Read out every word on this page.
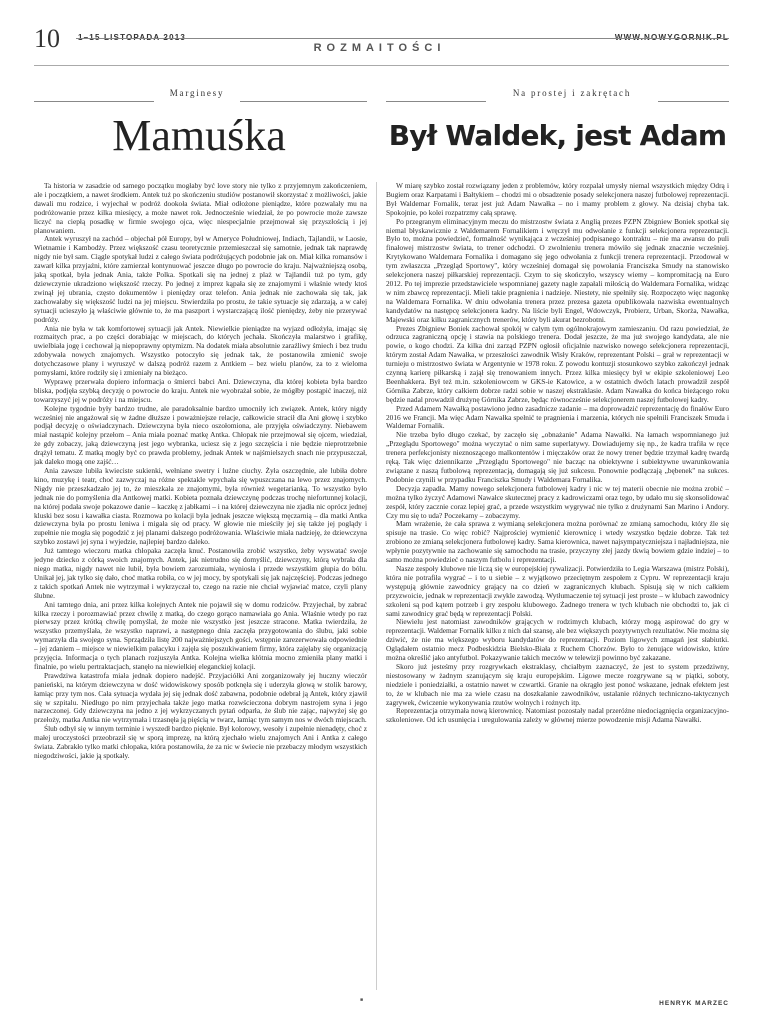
10 1–15 LISTOPADA 2013	WWW.NOWYGORNIK.PL
ROZMAITOŚCI
Marginesy	Na prostej i zakrętach
Mamuśka	Był Waldek, jest Adam

Ta historia w zasadzie od samego początku mogłaby być love story nie tylko z przyjemnym zakończeniem, ale i początkiem, a nawet środkiem. Antek tuż po skończeniu studiów postanowił skorzystać z możliwości, jakie dawali mu rodzice, i wyjechał w podróż dookoła świata. Miał odłożone pieniądze, które pozwalały mu na podróżowanie przez kilka miesięcy, a może nawet rok. Jednocześnie wiedział, że po powrocie może zawsze liczyć na ciepłą posadkę w firmie swojego ojca, więc niespecjalnie przejmował się przyszłością i jej planowaniem.

Antek wyruszył na zachód – objechał pół Europy, był w Ameryce Południowej, Indiach, Tajlandii, w Laosie, Wietnamie i Kambodży. Przez większość czasu teoretycznie przemieszczał się samotnie, jednak tak naprawdę nigdy nie był sam. Ciągle spotykał ludzi z całego świata podróżujących podobnie jak on. Miał kilka romansów i zawarł kilka przyjaźni, które zamierzał kontynuować jeszcze długo po powrocie do kraju. Najważniejszą osobą, jaką spotkał, była jednak Ania, także Polka. Spotkali się na jednej z plaż w Tajlandii tuż po tym, gdy dziewczynie ukradziono większość rzeczy. Po jednej z imprez kąpała się ze znajomymi i właśnie wtedy ktoś zwinął jej ubrania, często dokumentów i pieniędzy oraz telefon. Ania jednak nie zachowała się tak, jak zachowałaby się większość ludzi na jej miejscu. Stwierdziła po prostu, że takie sytuacje się zdarzają, a w całej sytuacji ucieszyło ją właściwie głównie to, że ma paszport i wystarczającą ilość pieniędzy, żeby nie przerywać podróży.

Ania nie była w tak komfortowej sytuacji jak Antek. Niewielkie pieniądze na wyjazd odłożyła, imając się rozmaitych prac, a po części dorabiając w miejscach, do których jechała. Skończyła malarstwo i grafikę, uwielbiała jogę i cechował ją niepoprawny optymizm. Na dodatek miała absolutnie zaraźliwy śmiech i bez trudu zdobywała nowych znajomych. Wszystko potoczyło się jednak tak, że postanowiła zmienić swoje dotychczasowe plany i wyruszyć w dalszą podróż razem z Antkiem – bez wielu planów, za to z wieloma pomysłami, które rodziły się i zmieniały na bieżąco.

Wyprawę przerwała dopiero informacja o śmierci babci Ani. Dziewczyna, dla której kobieta była bardzo bliska, podjęła szybką decyzję o powrocie do kraju. Antek nie wyobrażał sobie, że mógłby postąpić inaczej, niż towarzyszyć jej w podróży i na miejscu.

Kolejne tygodnie były bardzo trudne, ale paradoksalnie bardzo umocniły ich związek. Antek, który nigdy wcześniej nie angażował się w żadne dłuższe i poważniejsze relacje, całkowicie stracił dla Ani głowę i szybko podjął decyzję o oświadczynach. Dziewczyna była nieco oszołomiona, ale przyjęła oświadczyny. Niebawem miał nastąpić kolejny przełom – Ania miała poznać matkę Antka. Chłopak nie przejmował się ojcem, wiedział, że gdy zobaczy, jaką dziewczyną jest jego wybranka, uciesz się z jego szczęścia i nie będzie nieprotrzebnie drążył tematu. Z matką mogły być co prawda problemy, jednak Antek w najśmielszych snach nie przypuszczał, jak daleko mogą one zajść…

Ania zawsze lubiła kwieciste sukienki, wełniane swetry i luźne ciuchy. Żyła oszczędnie, ale lubiła dobre kino, muzykę i teatr, choć zazwyczaj na różne spektakle wpychała się wpuszczana na lewo przez znajomych. Nigdy nie przeszkadzało jej to, że mieszkała ze znajomymi, była również wegetarianką. To wszystko było jednak nie do pomyślenia dla Antkowej matki. Kobieta poznała dziewczynę podczas trochę niefortunnej kolacji, na której podała swoje pokazowe danie – kaczkę z jabłkami – i na której dziewczyna nie zjadła nic oprócz jednej kluski bez sosu i kawałka ciasta. Rozmowa po kolacji była jednak jeszcze większą męczarnią – dla matki Antka dziewczyna była po prostu leniwa i migała się od pracy. W głowie nie mieściły jej się także jej poglądy i zupełnie nie mogła się pogodzić z jej planami dalszego podróżowania. Właściwie miała nadzieję, że dziewczyna szybko zostawi jej syna i wyjedzie, najlepiej bardzo daleko.

Już tamtego wieczoru matka chłopaka zaczęła knuć. Postanowiła zrobić wszystko, żeby wyswatać swoje jedyne dziecko z córką swoich znajomych. Antek, jak nietrudno się domyślić, dziewczyny, którą wybrała dla niego matka, nigdy nawet nie lubił, była bowiem zarozumiała, wyniosła i przede wszystkim głupia do bólu. Unikał jej, jak tylko się dało, choć matka robiła, co w jej mocy, by spotykali się jak najczęściej. Podczas jednego z takich spotkań Antek nie wytrzymał i wykrzyczał to, czego na razie nie chciał wyjawiać matce, czyli plany ślubne.

Ani tamtego dnia, ani przez kilka kolejnych Antek nie pojawił się w domu rodziców. Przyjechał, by zabrać kilka rzeczy i porozmawiać przez chwilę z matką, do czego gorąco namawiała go Ania. Właśnie wtedy po raz pierwszy przez krótką chwilę pomyślał, że może nie wszystko jest jeszcze stracone. Matka twierdziła, że wszystko przemyślała, że wszystko naprawi, a następnego dnia zaczęła przygotowania do ślubu, jaki sobie wymarzyła dla swojego syna. Sprządziła listę 200 najważniejszych gości, wstępnie zarezerwowała odpowiednie – jej zdaniem – miejsce w niewielkim pałacyku i zajęła się poszukiwaniem firmy, która zajęłaby się organizacją przyjęcia. Informacja o tych planach rozjuszyła Antka. Kolejna wielka kłótnia mocno zmieniła plany matki i finalnie, po wielu pertraktacjach, stanęło na niewielkiej eleganckiej kolacji.

Prawdziwa katastrofa miała jednak dopiero nadejść. Przyjaciółki Ani zorganizowały jej huczny wieczór panieński, na którym dziewczyna w dość widowiskowy sposób potknęła się i uderzyła głową w stolik barowy, łamiąc przy tym nos. Cała sytuacja wydała jej się jednak dość zabawna, podobnie odebrał ją Antek, który zjawił się w szpitalu. Niedługo po nim przyjechała także jego matka rozwścieczona dobrym nastrojem syna i jego narzeczonej. Gdy dziewczyna na jedno z jej wykrzyczanych pytań odparła, że ślub nie zając, najwyżej się go przełoży, matka Antka nie wytrzymała i trzasnęła ją pięścią w twarz, łamiąc tym samym nos w dwóch miejscach.

Ślub odbył się w innym terminie i wyszedł bardzo pięknie. Był kolorowy, wesoły i zupełnie nienadęty, choć z małej uroczystości przeobraził się w sporą imprezę, na którą zjechało wielu znajomych Ani i Antka z całego świata. Zabrakło tylko matki chłopaka, która postanowiła, że za nic w świecie nie przebaczy młodym wszystkich niegodziwości, jakie ją spotkały.

W miarę szybko został rozwiązany jeden z problemów, który rozpalał umysły niemal wszystkich między Odrą i Bugiem oraz Karpatami i Bałtykiem – chodzi mi o obsadzenie posady selekcjonera naszej futbolowej reprezentacji. Był Waldemar Fornalik, teraz jest już Adam Nawałka – no i mamy problem z głowy. Na dzisiaj chyba tak. Spokojnie, po kolei rozpatrzmy całą sprawę.

Po przegranym eliminacyjnym meczu do mistrzostw świata z Anglią prezes PZPN Zbigniew Boniek spotkał się niemal błyskawicznie z Waldemarem Fornalikiem i wręczył mu odwołanie z funkcji selekcjonera reprezentacji. Było to, można powiedzieć, formalność wynikająca z wcześniej podpisanego kontraktu – nie ma awansu do puli finałowej mistrzostw świata, to trener odchodzi. O zwolnieniu trenera mówiło się jednak znacznie wcześniej. Krytykowano Waldemara Fornalika i domagano się jego odwołania z funkcji trenera reprezentacji. Przodował w tym zwłaszcza „Przegląd Sportowy", który wcześniej domagał się powołania Franciszka Smudy na stanowisko selekcjonera naszej piłkarskiej reprezentacji. Czym to się skończyło, wszyscy wiemy – kompromitacją na Euro 2012. Po tej imprezie przedstawiciele wspomnianej gazety nagle zapałali miłością do Waldemara Fornalika, widząc w nim zbawcę reprezentacji. Mieli takie pragnienia i nadzieje. Niestety, nie spełniły się. Rozpoczęto więc nagonkę na Waldemara Fornalika. W dniu odwołania trenera przez prezesa gazeta opublikowała nazwiska ewentualnych kandydatów na następcę selekcjonera kadry. Na liście byli Engel, Wdowczyk, Probierz, Urban, Skorża, Nawałka, Majewski oraz kilku zagranicznych trenerów, który byli akurat bezrobotni.

Prezes Zbigniew Boniek zachował spokój w całym tym ogólnokrajowym zamieszaniu. Od razu powiedział, że odrzuca zagraniczną opcję i stawia na polskiego trenera. Dodał jeszcze, że ma już swojego kandydata, ale nie powie, o kogo chodzi. Za kilka dni zarząd PZPN ogłosił oficjalnie nazwisko nowego selekcjonera reprezentacji, którym został Adam Nawałka, w przeszłości zawodnik Wisły Kraków, reprezentant Polski – grał w reprezentacji w turnieju o mistrzostwo świata w Argentynie w 1978 roku. Z powodu kontuzji stosunkowo szybko zakończył jednak czynną karierę piłkarską i zajął się trenowaniem innych. Przez kilka miesięcy był w ekipie szkoleniowej Leo Beenhakkera. Był też m.in. szkoleniowcem w GKS-ie Katowice, a w ostatnich dwóch latach prowadził zespół Górnika Zabrze, który całkiem dobrze radzi sobie w naszej ekstraklasie. Adam Nawałka do końca bieżącego roku będzie nadal prowadził drużynę Górnika Zabrze, będąc równocześnie selekcjonerem naszej futbolowej kadry.

Przed Adamem Nawałką postawiono jedno zasadnicze zadanie – ma doprowadzić reprezentację do finałów Euro 2016 we Francji. Ma więc Adam Nawałka spełnić te pragnienia i marzenia, których nie spełnili Franciszek Smuda i Waldemar Fornalik.

Nie trzeba było długo czekać, by zaczęło się „obnażanie" Adama Nawałki. Na łamach wspomnianego już „Przeglądu Sportowego" można wyczytać o nim same superlatywy. Dowiadujemy się np., że kadra trafiła w ręce trenera perfekcjonisty nieznoszącego malkontentów i mięczaków oraz że nowy trener będzie trzymał kadrę twardą ręką. Tak więc dziennikarze „Przeglądu Sportowego" nie bacząc na obiektywne i subiektywne uwarunkowania związane z naszą futbolową reprezentacją, domagają się już sukcesu. Ponownie podłączają „bębenek" na sukces. Podobnie czynili w przypadku Franciszka Smudy i Waldemara Fornalika.

Decyzja zapadła. Mamy nowego selekcjonera futbolowej kadry i nic w tej materii obecnie nie można zrobić – można tylko życzyć Adamowi Nawałce skutecznej pracy z kadrowiczami oraz tego, by udało mu się skonsolidować zespół, który zacznie coraz lepiej grać, a przede wszystkim wygrywać nie tylko z drużynami San Marino i Andory. Czy mu się to uda? Poczekamy – zobaczymy.

Mam wrażenie, że cała sprawa z wymianą selekcjonera można porównać ze zmianą samochodu, który źle się spisuje na trasie. Co więc robić? Najprościej wymienić kierownicę i wtedy wszystko będzie dobrze. Tak też zrobiono ze zmianą selekcjonera futbolowej kadry. Sama kierownica, nawet najsympatyczniejsza i najładniejsza, nie wpłynie pozytywnie na zachowanie się samochodu na trasie, przyczyny złej jazdy tkwią bowiem gdzie indziej – to samo można powiedzieć o naszym futbolu i reprezentacji.

Nasze zespoły klubowe nie liczą się w europejskiej rywalizacji. Potwierdziła to Legia Warszawa (mistrz Polski), która nie potrafiła wygrać – i to u siebie – z wyjątkowo przeciętnym zespołem z Cypru. W reprezentacji kraju występują głównie zawodnicy grający na co dzień w zagranicznych klubach. Spisują się w nich całkiem przyzwoicie, jednak w reprezentacji zwykle zawodzą. Wytłumaczenie tej sytuacji jest proste – w klubach zawodnicy szkoleni są pod kątem potrzeb i gry zespołu klubowego. Żadnego trenera w tych klubach nie obchodzi to, jak ci sami zawodnicy grać będą w reprezentacji Polski.

Niewielu jest natomiast zawodników grających w rodzimych klubach, którzy mogą aspirować do gry w reprezentacji. Waldemar Fornalik kilku z nich dał szansę, ale bez większych pozytywnych rezultatów. Nie można się dziwić, że nie ma większego wyboru kandydatów do reprezentacji. Poziom ligowych zmagań jest słabiutki. Oglądałem ostatnio mecz Podbeskidzia Bielsko-Biała z Ruchem Chorzów. Było to żenujące widowisko, które można określić jako antyfutbol. Pokazywanie takich meczów w telewizji powinno być zakazane.

Skoro już jesteśmy przy rozgrywkach ekstraklasy, chciałbym zaznaczyć, że jest to system przedziwny, niestosowany w żadnym szanującym się kraju europejskim. Ligowe mecze rozgrywane są w piątki, soboty, niedziele i poniedziałki, a ostatnio nawet w czwartki. Granie na okrągło jest ponoć wskazane, jednak efektem jest to, że w klubach nie ma za wiele czasu na doszkalanie zawodników, ustalanie różnych techniczno-taktycznych zagrywek, ćwiczenie wykonywania rzutów wolnych i rożnych itp.

Reprezentacja otrzymała nową kierownicę. Natomiast pozostały nadal przeróżne niedociągnięcia organizacyjno-szkoleniowe. Od ich usunięcia i uregulowania zależy w głównej mierze powodzenie misji Adama Nawałki.

■	HENRYK MARZEC
